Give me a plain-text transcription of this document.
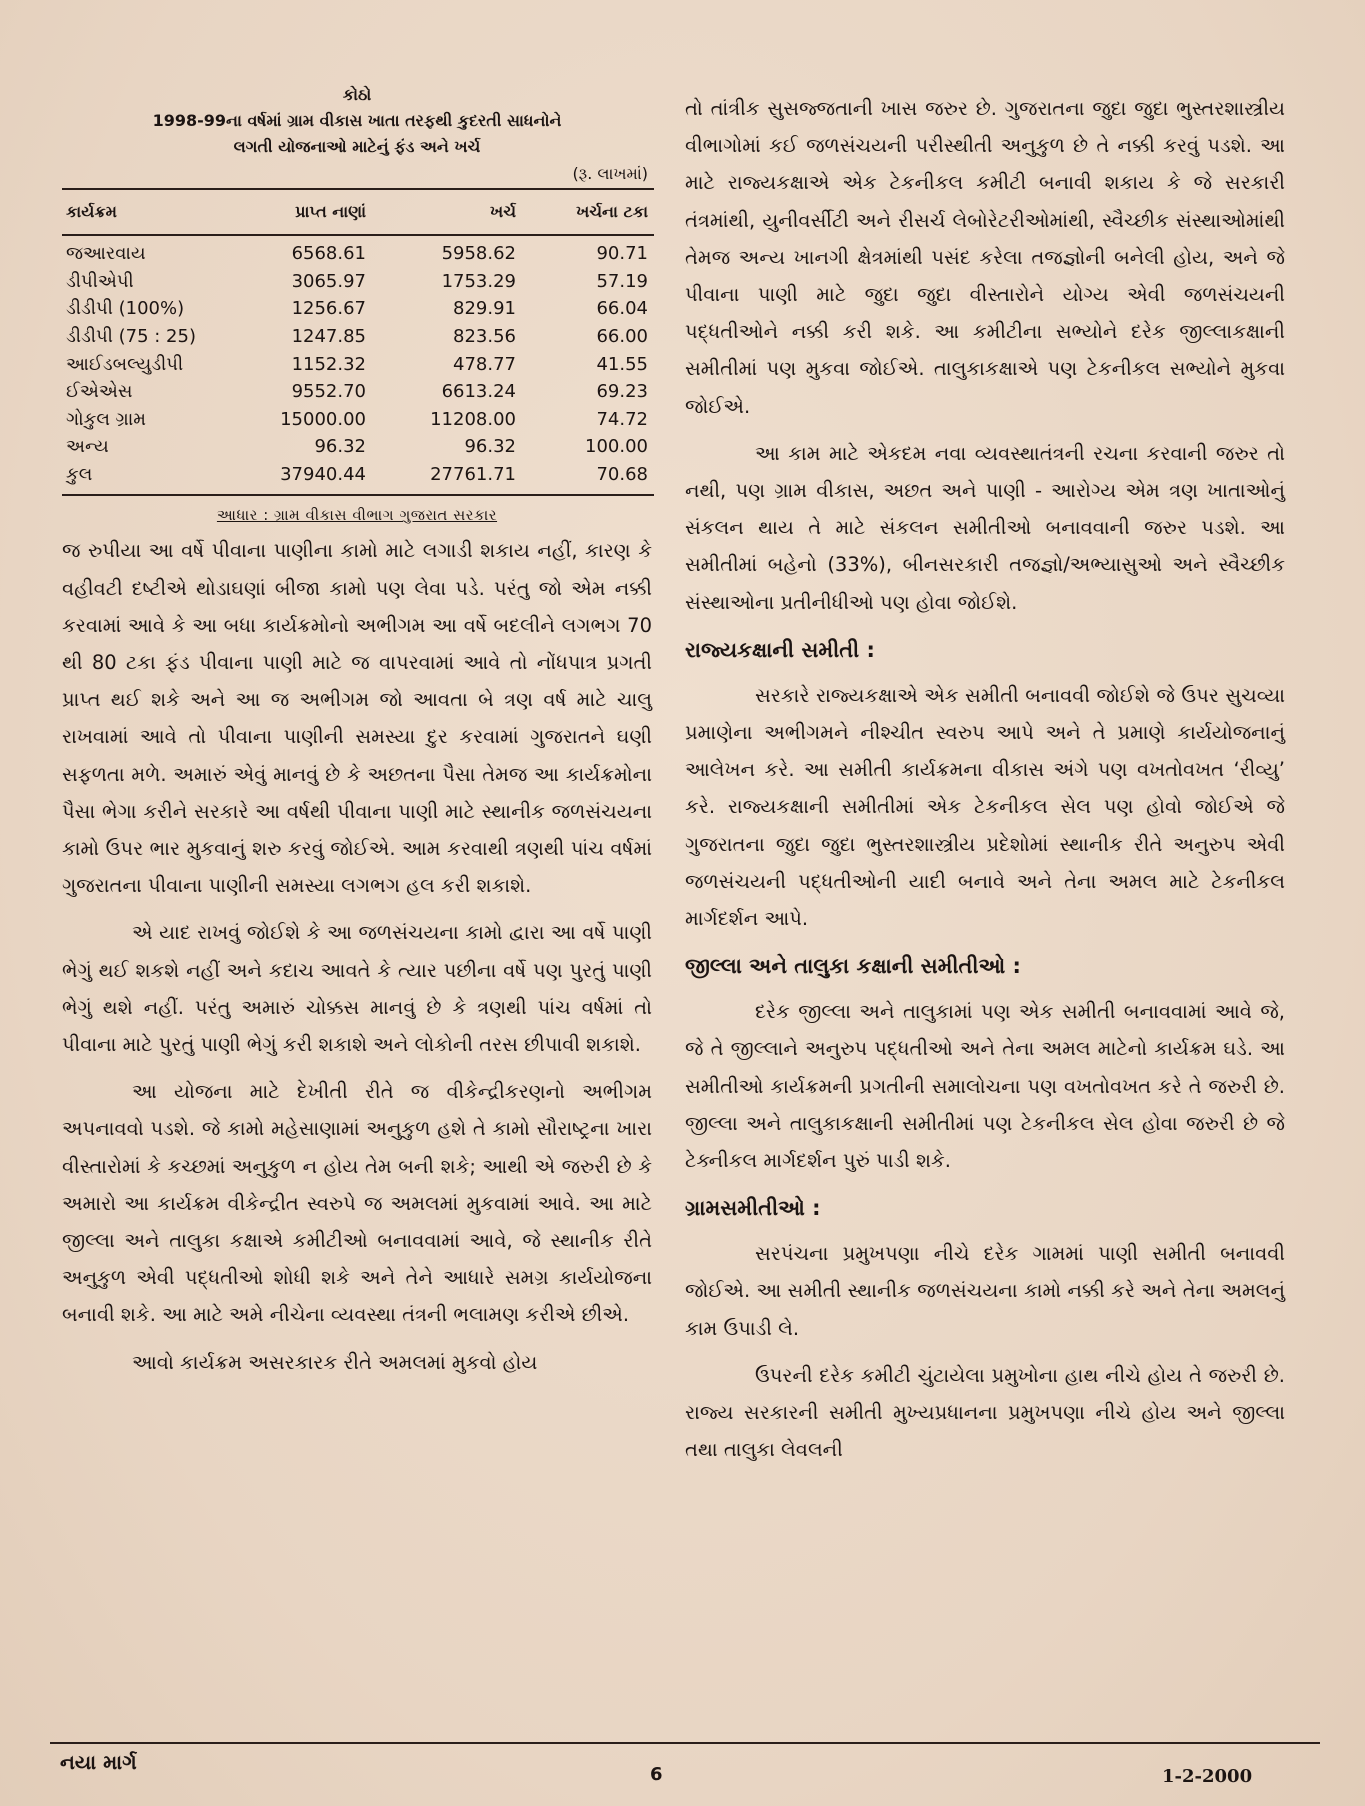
કોઠો
1998-99ના વર્ષમાં ગ્રામ વીકાસ ખાતા તરફથી કુદરતી સાધનોને
લગતી યોજનાઓ માટેનું ફંડ અને ખર્ચ
(રૂ. લાખમાં)
કાર્યક્રમ	પ્રાપ્ત નાણાં	ખર્ચ	ખર્ચના ટકા
જઆરવાય	6568.61	5958.62	90.71
ડીપીએપી	3065.97	1753.29	57.19
ડીડીપી (100%)	1256.67	829.91	66.04
ડીડીપી (75 : 25)	1247.85	823.56	66.00
આઈડબલ્યુડીપી	1152.32	478.77	41.55
ઈએએસ	9552.70	6613.24	69.23
ગોકુલ ગ્રામ	15000.00	11208.00	74.72
અન્ય	96.32	96.32	100.00
કુલ	37940.44	27761.71	70.68
આધાર : ગ્રામ વીકાસ વીભાગ ગુજરાત સરકાર

જ રુપીયા આ વર્ષે પીવાના પાણીના કામો માટે લગાડી શકાય નહીં, કારણ કે વહીવટી દષ્ટીએ થોડાઘણાં બીજા કામો પણ લેવા પડે. પરંતુ જો એમ નક્કી કરવામાં આવે કે આ બધા કાર્યક્રમોનો અભીગમ આ વર્ષે બદલીને લગભગ 70 થી 80 ટકા ફંડ પીવાના પાણી માટે જ વાપરવામાં આવે તો નોંધપાત્ર પ્રગતી પ્રાપ્ત થઈ શકે અને આ જ અભીગમ જો આવતા બે ત્રણ વર્ષ માટે ચાલુ રાખવામાં આવે તો પીવાના પાણીની સમસ્યા દુર કરવામાં ગુજરાતને ઘણી સફળતા મળે. અમારું એવું માનવું છે કે અછતના પૈસા તેમજ આ કાર્યક્રમોના પૈસા ભેગા કરીને સરકારે આ વર્ષથી પીવાના પાણી માટે સ્થાનીક જળસંચયના કામો ઉપર ભાર મુકવાનું શરુ કરવું જોઈએ. આમ કરવાથી ત્રણથી પાંચ વર્ષમાં ગુજરાતના પીવાના પાણીની સમસ્યા લગભગ હલ કરી શકાશે.

એ યાદ રાખવું જોઈશે કે આ જળસંચયના કામો દ્વારા આ વર્ષે પાણી ભેગું થઈ શકશે નહીં અને કદાચ આવતે કે ત્યાર પછીના વર્ષે પણ પુરતું પાણી ભેગું થશે નહીં. પરંતુ અમારું ચોક્કસ માનવું છે કે ત્રણથી પાંચ વર્ષમાં તો પીવાના માટે પુરતું પાણી ભેગું કરી શકાશે અને લોકોની તરસ છીપાવી શકાશે.

આ યોજના માટે દેખીતી રીતે જ વીકેન્દ્રીકરણનો અભીગમ અપનાવવો પડશે. જે કામો મહેસાણામાં અનુકુળ હશે તે કામો સૌરાષ્ટ્રના ખારા વીસ્તારોમાં કે કચ્છમાં અનુકુળ ન હોય તેમ બની શકે; આથી એ જરુરી છે કે અમારો આ કાર્યક્રમ વીકેન્દ્રીત સ્વરુપે જ અમલમાં મુકવામાં આવે. આ માટે જીલ્લા અને તાલુકા કક્ષાએ કમીટીઓ બનાવવામાં આવે, જે સ્થાનીક રીતે અનુકુળ એવી પદ્ધતીઓ શોધી શકે અને તેને આધારે સમગ્ર કાર્યયોજના બનાવી શકે. આ માટે અમે નીચેના વ્યવસ્થા તંત્રની ભલામણ કરીએ છીએ.

આવો કાર્યક્રમ અસરકારક રીતે અમલમાં મુકવો હોય

તો તાંત્રીક સુસજ્જતાની ખાસ જરુર છે. ગુજરાતના જુદા જુદા ભુસ્તરશાસ્ત્રીય વીભાગોમાં કઈ જળસંચયની પરીસ્થીતી અનુકુળ છે તે નક્કી કરવું પડશે. આ માટે રાજ્યકક્ષાએ એક ટેકનીકલ કમીટી બનાવી શકાય કે જે સરકારી તંત્રમાંથી, યુનીવર્સીટી અને રીસર્ચ લેબોરેટરીઓમાંથી, સ્વૈચ્છીક સંસ્થાઓમાંથી તેમજ અન્ય ખાનગી ક્ષેત્રમાંથી પસંદ કરેલા તજજ્ઞોની બનેલી હોય, અને જે પીવાના પાણી માટે જુદા જુદા વીસ્તારોને યોગ્ય એવી જળસંચયની પદ્ધતીઓને નક્કી કરી શકે. આ કમીટીના સભ્યોને દરેક જીલ્લાકક્ષાની સમીતીમાં પણ મુકવા જોઈએ. તાલુકાકક્ષાએ પણ ટેકનીકલ સભ્યોને મુકવા જોઈએ.

આ કામ માટે એકદમ નવા વ્યવસ્થાતંત્રની રચના કરવાની જરુર તો નથી, પણ ગ્રામ વીકાસ, અછત અને પાણી - આરોગ્ય એમ ત્રણ ખાતાઓનું સંકલન થાય તે માટે સંકલન સમીતીઓ બનાવવાની જરુર પડશે. આ સમીતીમાં બહેનો (33%), બીનસરકારી તજજ્ઞો/અભ્યાસુઓ અને સ્વૈચ્છીક સંસ્થાઓના પ્રતીનીધીઓ પણ હોવા જોઈશે.

રાજ્યકક્ષાની સમીતી :

સરકારે રાજ્યકક્ષાએ એક સમીતી બનાવવી જોઈશે જે ઉપર સુચવ્યા પ્રમાણેના અભીગમને નીશ્ચીત સ્વરુપ આપે અને તે પ્રમાણે કાર્યયોજનાનું આલેખન કરે. આ સમીતી કાર્યક્રમના વીકાસ અંગે પણ વખતોવખત ‘રીવ્યુ’ કરે. રાજ્યકક્ષાની સમીતીમાં એક ટેકનીકલ સેલ પણ હોવો જોઈએ જે ગુજરાતના જુદા જુદા ભુસ્તરશાસ્ત્રીય પ્રદેશોમાં સ્થાનીક રીતે અનુરુપ એવી જળસંચયની પદ્ધતીઓની યાદી બનાવે અને તેના અમલ માટે ટેકનીકલ માર્ગદર્શન આપે.

જીલ્લા અને તાલુકા કક્ષાની સમીતીઓ :

દરેક જીલ્લા અને તાલુકામાં પણ એક સમીતી બનાવવામાં આવે જે, જે તે જીલ્લાને અનુરુપ પદ્ધતીઓ અને તેના અમલ માટેનો કાર્યક્રમ ઘડે. આ સમીતીઓ કાર્યક્રમની પ્રગતીની સમાલોચના પણ વખતોવખત કરે તે જરુરી છે. જીલ્લા અને તાલુકાકક્ષાની સમીતીમાં પણ ટેકનીકલ સેલ હોવા જરુરી છે જે ટેક્નીકલ માર્ગદર્શન પુરું પાડી શકે.

ગ્રામસમીતીઓ :

સરપંચના પ્રમુખપણા નીચે દરેક ગામમાં પાણી સમીતી બનાવવી જોઈએ. આ સમીતી સ્થાનીક જળસંચયના કામો નક્કી કરે અને તેના અમલનું કામ ઉપાડી લે.

ઉપરની દરેક કમીટી ચુંટાયેલા પ્રમુખોના હાથ નીચે હોય તે જરુરી છે. રાજ્ય સરકારની સમીતી મુખ્યપ્રધાનના પ્રમુખપણા નીચે હોય અને જીલ્લા તથા તાલુકા લેવલની

નયા માર્ગ
6	1-2-2000
